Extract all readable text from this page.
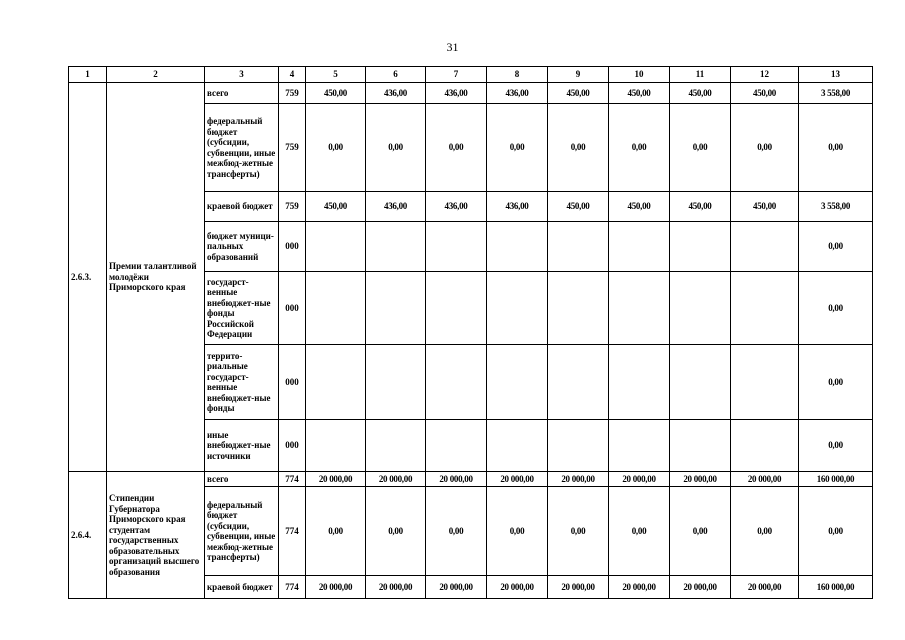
31
1	2	3	4	5	6	7	8	9	10	11	12	13
2.6.3.	Премии талантливой молодёжи Приморского края	всего	759	450,00	436,00	436,00	436,00	450,00	450,00	450,00	450,00	3 558,00
		федеральный бюджет (субсидии, субвенции, иные межбюд-жетные трансферты)	759	0,00	0,00	0,00	0,00	0,00	0,00	0,00	0,00	0,00
		краевой бюджет	759	450,00	436,00	436,00	436,00	450,00	450,00	450,00	450,00	3 558,00
		бюджет муници-пальных образований	000									0,00
		государст-венные внебюджет-ные фонды Российской Федерации	000									0,00
		террито-риальные государст-венные внебюджет-ные фонды	000									0,00
		иные внебюджет-ные источники	000									0,00
2.6.4.	Стипендии Губернатора Приморского края студентам государственных образовательных организаций высшего образования	всего	774	20 000,00	20 000,00	20 000,00	20 000,00	20 000,00	20 000,00	20 000,00	20 000,00	160 000,00
		федеральный бюджет (субсидии, субвенции, иные межбюд-жетные трансферты)	774	0,00	0,00	0,00	0,00	0,00	0,00	0,00	0,00	0,00
		краевой бюджет	774	20 000,00	20 000,00	20 000,00	20 000,00	20 000,00	20 000,00	20 000,00	20 000,00	160 000,00
